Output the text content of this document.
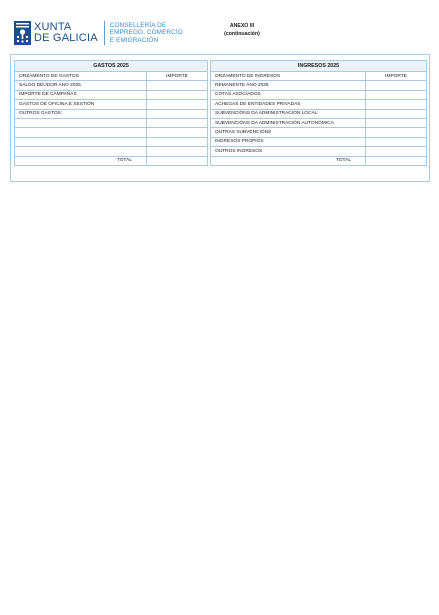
XUNTA
DE GALICIA
CONSELLERÍA DE
EMPREGO, COMERCIO
E EMIGRACIÓN
ANEXO III
(continuación)
GASTOS 2025	
ORZAMENTO DE GASTOS	IMPORTE
SALDO DEUDOR ANO 2025	
IMPORTE DE CAMPAÑAS	
GASTOS DE OFICINA E XESTIÓN	
OUTROS GASTOS:	

TOTAL	
INGRESOS 2025	
ORZAMENTO DE INGRESOS	IMPORTE
REMANENTE ANO 2025	
COTAS ASOCIADOS	
ACHEGAS DE ENTIDADES PRIVADAS	
SUBVENCIÓNS DA ADMINISTRACIÓN LOCAL	
SUBVENCIÓNS DA ADMINISTRACIÓN AUTONÓMICA	
OUTRAS SUBVENCIÓNS	
INGRESOS PROPIOS	
OUTROS INGRESOS	
TOTAL	
